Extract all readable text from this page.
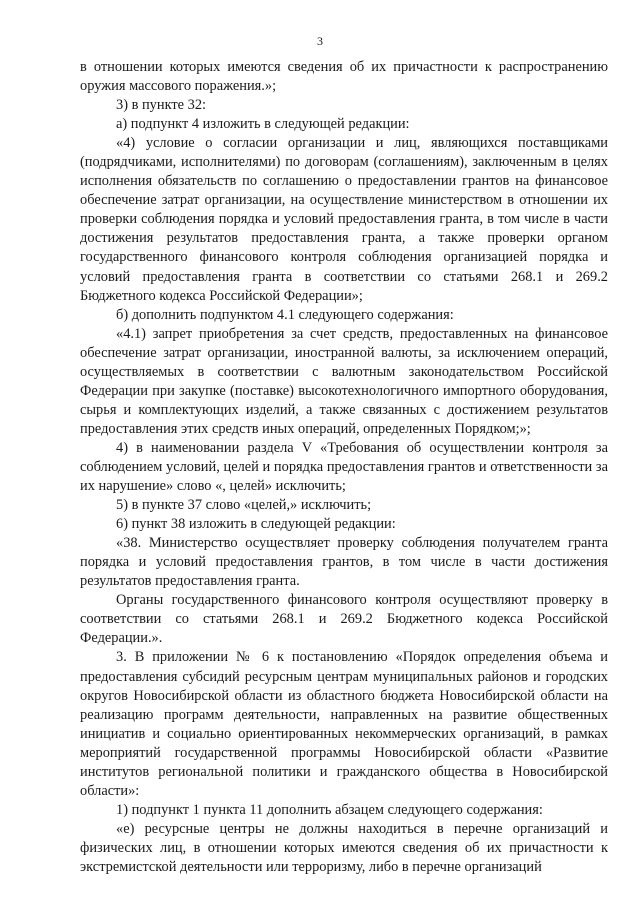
3

в отношении которых имеются сведения об их причастности к распространению оружия массового поражения.»;

3) в пункте 32:

а) подпункт 4 изложить в следующей редакции:

«4) условие о согласии организации и лиц, являющихся поставщиками (подрядчиками, исполнителями) по договорам (соглашениям), заключенным в целях исполнения обязательств по соглашению о предоставлении грантов на финансовое обеспечение затрат организации, на осуществление министерством в отношении их проверки соблюдения порядка и условий предоставления гранта, в том числе в части достижения результатов предоставления гранта, а также проверки органом государственного финансового контроля соблюдения организацией порядка и условий предоставления гранта в соответствии со статьями 268.1 и 269.2 Бюджетного кодекса Российской Федерации»;

б) дополнить подпунктом 4.1 следующего содержания:

«4.1) запрет приобретения за счет средств, предоставленных на финансовое обеспечение затрат организации, иностранной валюты, за исключением операций, осуществляемых в соответствии с валютным законодательством Российской Федерации при закупке (поставке) высокотехнологичного импортного оборудования, сырья и комплектующих изделий, а также связанных с достижением результатов предоставления этих средств иных операций, определенных Порядком;»;

4) в наименовании раздела V «Требования об осуществлении контроля за соблюдением условий, целей и порядка предоставления грантов и ответственности за их нарушение» слово «, целей» исключить;

5) в пункте 37 слово «целей,» исключить;

6) пункт 38 изложить в следующей редакции:

«38. Министерство осуществляет проверку соблюдения получателем гранта порядка и условий предоставления грантов, в том числе в части достижения результатов предоставления гранта.

Органы государственного финансового контроля осуществляют проверку в соответствии со статьями 268.1 и 269.2 Бюджетного кодекса Российской Федерации.».

3. В приложении № 6 к постановлению «Порядок определения объема и предоставления субсидий ресурсным центрам муниципальных районов и городских округов Новосибирской области из областного бюджета Новосибирской области на реализацию программ деятельности, направленных на развитие общественных инициатив и социально ориентированных некоммерческих организаций, в рамках мероприятий государственной программы Новосибирской области «Развитие институтов региональной политики и гражданского общества в Новосибирской области»:

1) подпункт 1 пункта 11 дополнить абзацем следующего содержания:

«е) ресурсные центры не должны находиться в перечне организаций и физических лиц, в отношении которых имеются сведения об их причастности к экстремистской деятельности или терроризму, либо в перечне организаций
